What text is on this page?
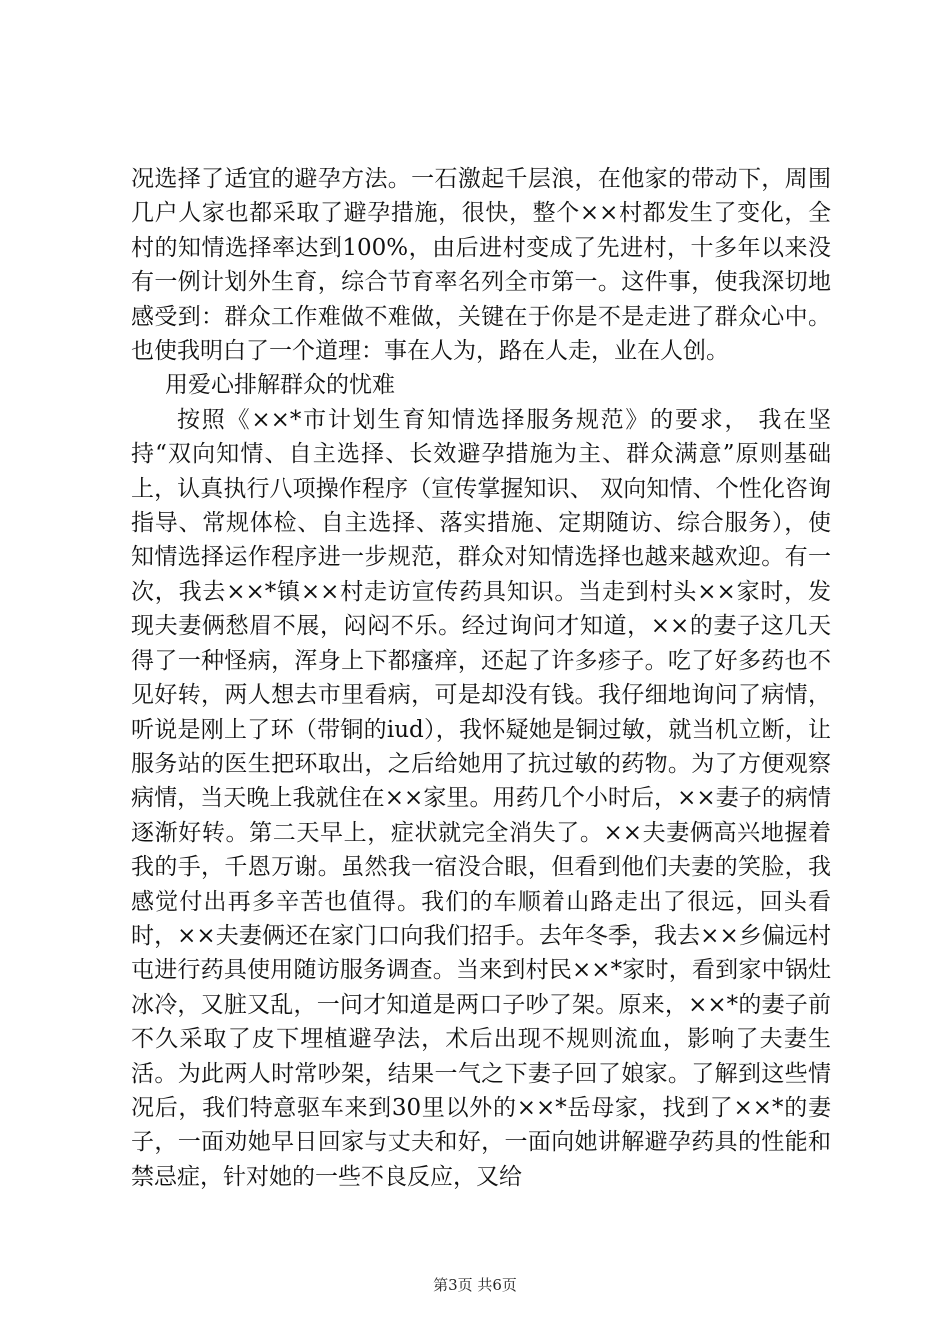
况选择了适宜的避孕方法。一石激起千层浪，在他家的带动下，周围几户人家也都采取了避孕措施，很快，整个××村都发生了变化，全村的知情选择率达到100%，由后进村变成了先进村，十多年以来没有一例计划外生育，综合节育率名列全市第一。这件事，使我深切地感受到：群众工作难做不难做，关键在于你是不是走进了群众心中。也使我明白了一个道理：事在人为，路在人走，业在人创。

用爱心排解群众的忧难

按照《××*市计划生育知情选择服务规范》的要求， 我在坚持“双向知情、自主选择、长效避孕措施为主、群众满意”原则基础上，认真执行八项操作程序（宣传掌握知识、 双向知情、个性化咨询指导、常规体检、自主选择、落实措施、定期随访、综合服务），使知情选择运作程序进一步规范，群众对知情选择也越来越欢迎。有一次，我去××*镇××村走访宣传药具知识。当走到村头××家时，发现夫妻俩愁眉不展，闷闷不乐。经过询问才知道，××的妻子这几天得了一种怪病，浑身上下都瘙痒，还起了许多疹子。吃了好多药也不见好转，两人想去市里看病，可是却没有钱。我仔细地询问了病情，听说是刚上了环（带铜的iud），我怀疑她是铜过敏，就当机立断，让服务站的医生把环取出，之后给她用了抗过敏的药物。为了方便观察病情，当天晚上我就住在××家里。用药几个小时后，××妻子的病情逐渐好转。第二天早上，症状就完全消失了。××夫妻俩高兴地握着我的手，千恩万谢。虽然我一宿没合眼，但看到他们夫妻的笑脸，我感觉付出再多辛苦也值得。我们的车顺着山路走出了很远，回头看时，××夫妻俩还在家门口向我们招手。去年冬季，我去××乡偏远村屯进行药具使用随访服务调查。当来到村民××*家时，看到家中锅灶冰冷，又脏又乱，一问才知道是两口子吵了架。原来，××*的妻子前不久采取了皮下埋植避孕法，术后出现不规则流血，影响了夫妻生活。为此两人时常吵架，结果一气之下妻子回了娘家。了解到这些情况后，我们特意驱车来到30里以外的××*岳母家，找到了××*的妻子，一面劝她早日回家与丈夫和好，一面向她讲解避孕药具的性能和禁忌症，针对她的一些不良反应，又给

第3页 共6页
